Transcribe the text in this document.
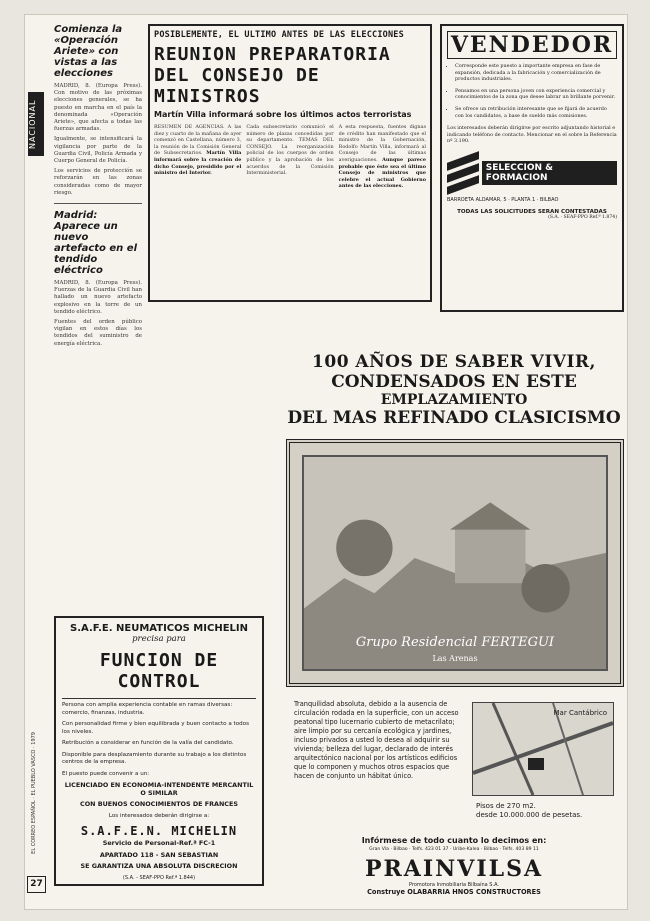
NACIONAL
EL CORREO ESPAÑOL · EL PUEBLO VASCO · 1979
27
Comienza la «Operación Ariete» con vistas a las elecciones

MADRID, 8. (Europa Press). Con motivo de las próximas elecciones generales, se ha puesto en marcha en el país la denominada «Operación Ariete», que afecta a todas las fuerzas armadas.

Igualmente, se intensificará la vigilancia por parte de la Guardia Civil, Policía Armada y Cuerpo General de Policía.

Los servicios de protección se reforzarán en las zonas consideradas como de mayor riesgo.

Madrid: Aparece un nuevo artefacto en el tendido eléctrico

MADRID, 8. (Europa Press). Fuerzas de la Guardia Civil han hallado un nuevo artefacto explosivo en la torre de un tendido eléctrico.

Fuentes del orden público vigilan en estos días los tendidos del suministro de energía eléctrica.

POSIBLEMENTE, EL ULTIMO ANTES DE LAS ELECCIONES
REUNION PREPARATORIA
DEL CONSEJO DE MINISTROS
Martín Villa informará sobre los últimos actos terroristas
RESUMEN DE AGENCIAS. A las diez y cuarto de la mañana de ayer comenzó en Castellana, número 3, la reunión de la Comisión General de Subsecretarios. Martín Villa informará sobre la creación de dicho Consejo, presidido por el ministro del Interior.
Cada subsecretario comunicó el número de plazas concedidas por su departamento. TEMAS DEL CONSEJO. La reorganización policial de los cuerpos de orden público y la aprobación de los acuerdos de la Comisión Interministerial.
A esta respuesta, fuentes dignas de crédito han manifestado que el ministro de la Gobernación, Rodolfo Martín Villa, informará al Consejo de las últimas averiguaciones. Aunque parece probable que éste sea el último Consejo de ministros que celebre el actual Gobierno antes de las elecciones.
VENDEDOR
• Corresponde este puesto a importante empresa en fase de expansión, dedicada a la fabricación y comercialización de productos industriales.
• Pensamos en una persona joven con experiencia comercial y conocimientos de la zona que desee labrar un brillante porvenir.
• Se ofrece un retribución interesante que se fijará de acuerdo con los candidatos, a base de sueldo más comisiones.
Los interesados deberán dirigirse por escrito adjuntando historial e indicando teléfono de contacto. Mencionar en el sobre la Referencia nº 3.190.
SELECCION & FORMACION
BARROETA ALDAMAR, 5 · PLANTA 1 · BILBAO
TODAS LAS SOLICITUDES SERAN CONTESTADAS
(S.A. · SEAF-PPO Ref.ª 1.874)
100 AÑOS DE SABER VIVIR,
CONDENSADOS EN ESTE
EMPLAZAMIENTO
DEL MAS REFINADO CLASICISMO
Grupo Residencial FERTEGUI
Las Arenas
Tranquilidad absoluta, debido a la ausencia de circulación rodada en la superficie, con un acceso peatonal tipo lucernario cubierto de metacrilato; aire limpio por su cercanía ecológica y jardines, incluso privados a usted lo desea al adquirir su vivienda; belleza del lugar, declarado de interés arquitectónico nacional por los artísticos edificios que lo componen y muchos otros espacios que hacen de conjunto un hábitat único.
Mar Cantábrico
Pisos de 270 m2.
desde 10.000.000 de pesetas.
Infórmese de todo cuanto lo decimos en:
Gran Vía · Bilbao · Telfs. 423 01 37 · Uribe-Kalea · Bilbao · Telfs. 403 89 11
PRAINVILSA
Promotora Inmobiliaria Bilbaína S.A.
Construye OLABARRIA HNOS CONSTRUCTORES
S.A.F.E. NEUMATICOS MICHELIN
precisa para
FUNCION DE CONTROL

Persona con amplia experiencia contable en ramas diversas: comercio, finanzas, industria.

Con personalidad firme y bien equilibrada y buen contacto a todos los niveles.

Retribución a considerar en función de la valía del candidato.

Disponible para desplazamiento durante su trabajo a los distintos centros de la empresa.

El puesto puede convenir a un:

LICENCIADO EN ECONOMIA-INTENDENTE MERCANTIL O SIMILAR

CON BUENOS CONOCIMIENTOS DE FRANCES

Los interesados deberán dirigirse a:

S.A.F.E.N. MICHELIN

Servicio de Personal-Ref.ª FC-1

APARTADO 118 - SAN SEBASTIAN

SE GARANTIZA UNA ABSOLUTA DISCRECION

(S.A. - SEAF-PPO Ref.ª 1.844)
